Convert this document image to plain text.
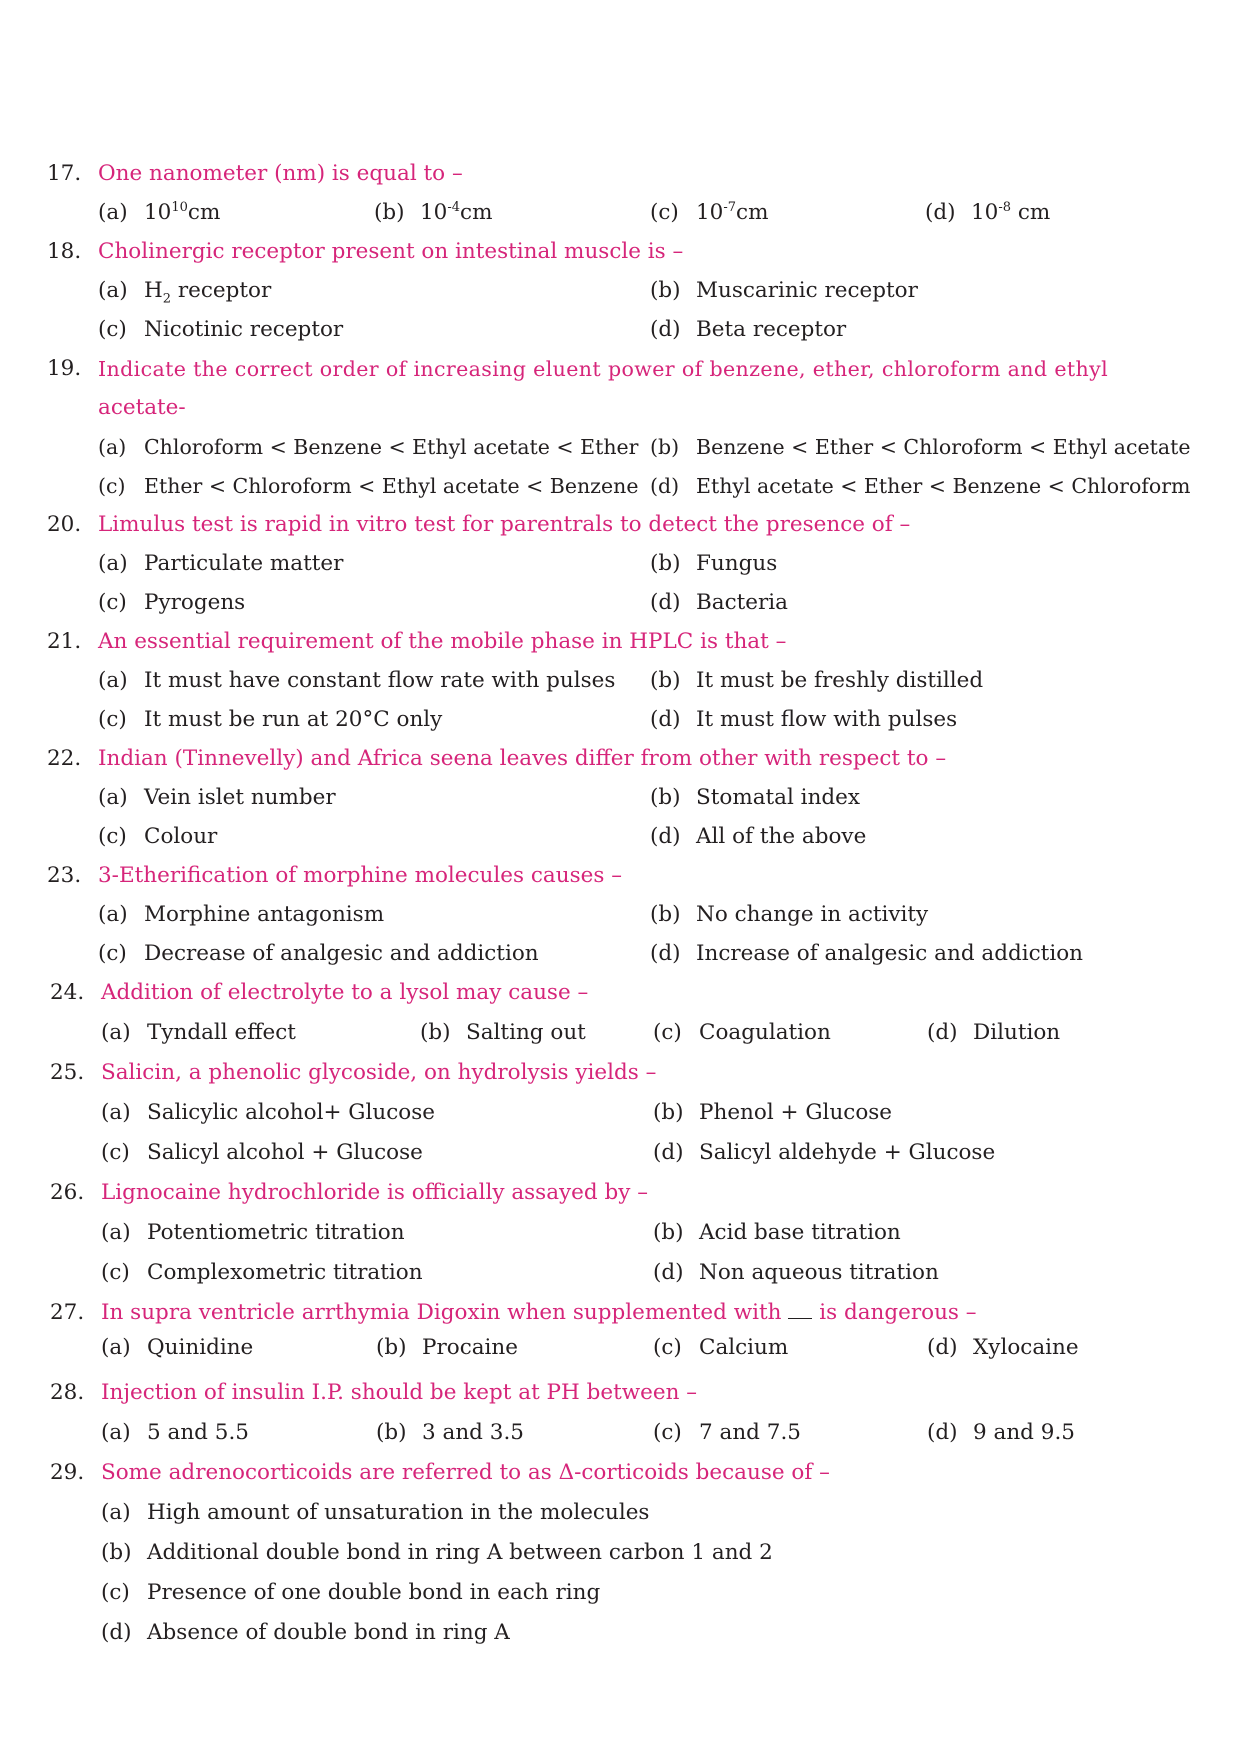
17. One nanometer (nm) is equal to –
(a) $10^{10}cm$	(b) $10^{-4}cm$	(c) $10^{-7}cm$	(d) $10^{-8}$ cm
18. Cholinergic receptor present on intestinal muscle is –
(a) $H_2$ receptor	(b) Muscarinic receptor
(c) Nicotinic receptor	(d) Beta receptor
19. Indicate the correct order of increasing eluent power of benzene, ether, chloroform and ethyl
acetate-
(a) Chloroform < Benzene < Ethyl acetate < Ether (b) Benzene < Ether < Chloroform < Ethyl acetate
(c) Ether < Chloroform < Ethyl acetate < Benzene (d) Ethyl acetate < Ether < Benzene < Chloroform
20. Limulus test is rapid in vitro test for parentrals to detect the presence of –
(a) Particulate matter	(b) Fungus
(c) Pyrogens	(d) Bacteria
21. An essential requirement of the mobile phase in HPLC is that –
(a) It must have constant flow rate with pulses (b) It must be freshly distilled
(c) It must be run at 20°C only	(d) It must flow with pulses
22. Indian (Tinnevelly) and Africa seena leaves differ from other with respect to –
(a) Vein islet number	(b) Stomatal index
(c) Colour	(d) All of the above
23. 3-Etherification of morphine molecules causes –
(a) Morphine antagonism	(b) No change in activity
(c) Decrease of analgesic and addiction	(d) Increase of analgesic and addiction
24. Addition of electrolyte to a lysol may cause –
(a) Tyndall effect	(b) Salting out	(c) Coagulation	(d) Dilution
25. Salicin, a phenolic glycoside, on hydrolysis yields –
(a) Salicylic alcohol+ Glucose	(b) Phenol + Glucose
(c) Salicyl alcohol + Glucose	(d) Salicyl aldehyde + Glucose
26. Lignocaine hydrochloride is officially assayed by –
(a) Potentiometric titration	(b) Acid base titration
(c) Complexometric titration	(d) Non aqueous titration
27. In supra ventricle arrthymia Digoxin when supplemented with  is dangerous –
(a) Quinidine	(b) Procaine	(c) Calcium	(d) Xylocaine
28. Injection of insulin I.P. should be kept at PH between –
(a) 5 and 5.5	(b) 3 and 3.5	(c) 7 and 7.5	(d) 9 and 9.5
29. Some adrenocorticoids are referred to as Δ-corticoids because of –
(a) High amount of unsaturation in the molecules
(b) Additional double bond in ring A between carbon 1 and 2
(c) Presence of one double bond in each ring
(d) Absence of double bond in ring A
